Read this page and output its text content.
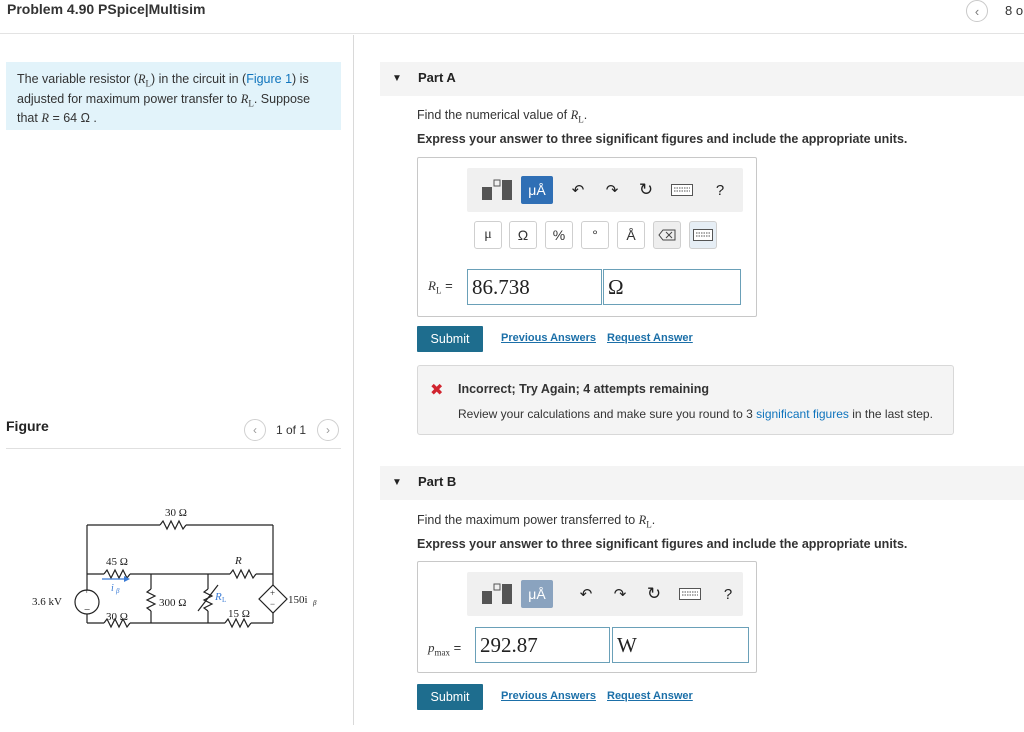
Problem 4.90 PSpice|Multisim	‹ 8 o
The variable resistor $(R_L)$ in the circuit in (Figure 1) is adjusted for maximum power transfer to $R_L$. Suppose that R = 64 Ω .
Figure	‹ 1 of 1 ›
+
−
+
−
30 Ω
45 Ω	R
3.6 kV
i β
300 Ω	R L	150i β
30 Ω	15 Ω
▼ Part A
Find the numerical value of $R_L$.
Express your answer to three significant figures and include the appropriate units.
μÅ	↶	↷ ↻	?
μ	Ω	%	°	Å
$R_L = 86.738$	Ω
Submit	Previous Answers Request Answer
✖ Incorrect; Try Again; 4 attempts remaining
Review your calculations and make sure you round to 3 significant figures in the last step.
▼ Part B
Find the maximum power transferred to $R_L$.
Express your answer to three significant figures and include the appropriate units.
μÅ	↶	↷ ↻	?
$p_{max} = 292.87$	W
Submit	Previous Answers Request Answer
